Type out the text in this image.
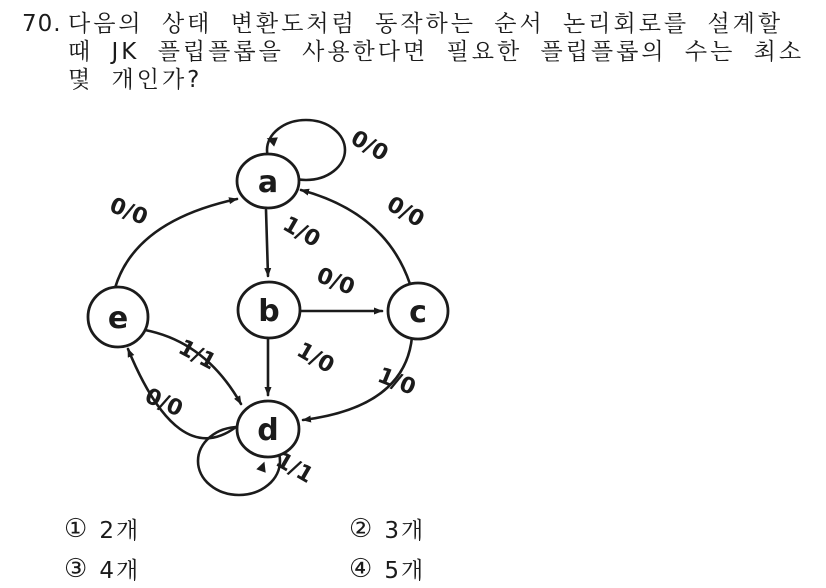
70. 다음의 상태 변환도처럼 동작하는 순서 논리회로를 설계할
때 JK 플립플롭을 사용한다면 필요한 플립플롭의 수는 최소
몇 개인가?
a
b	c
d
e
0/0
0/0	0/0
1/0
0/0
1/0
1/0
1/1
0/0
1/1
① 2개	② 3개
③ 4개	④ 5개
